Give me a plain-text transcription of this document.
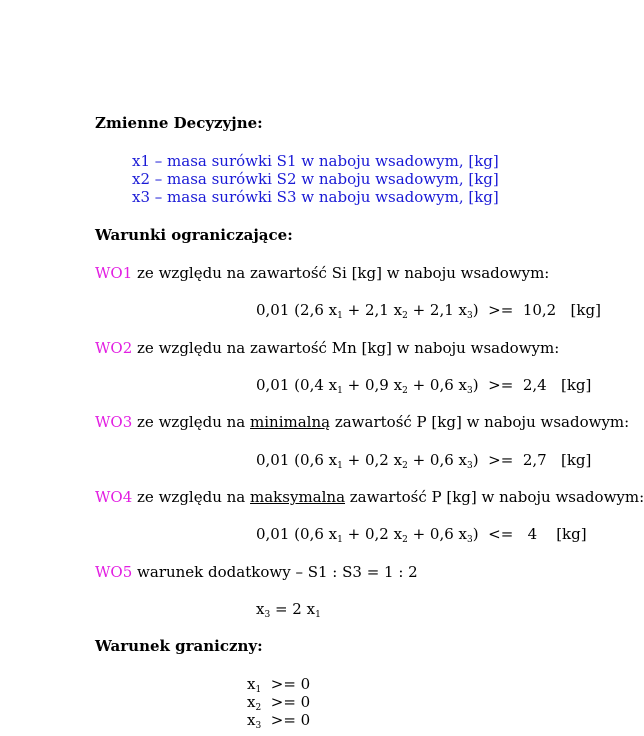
Zmienne Decyzyjne:
x1 – masa surówki S1 w naboju wsadowym, [kg]
x2 – masa surówki S2 w naboju wsadowym, [kg]
x3 – masa surówki S3 w naboju wsadowym, [kg]
Warunki ograniczające:
WO1 ze względu na zawartość Si [kg] w naboju wsadowym:
0,01 (2,6 $x_1 + 2,1$ $x_2 + 2,1$ $x_3) >= 10,2$ [kg]
WO2 ze względu na zawartość Mn [kg] w naboju wsadowym:
0,01 (0,4 $x_1 + 0,9$ $x_2 + 0,6$ $x_3) >= 2,4$ [kg]
WO3 ze względu na minimalną zawartość P [kg] w naboju wsadowym:
0,01 (0,6 $x_1 + 0,2$ $x_2 + 0,6$ $x_3) >= 2,7$ [kg]
WO4 ze względu na maksymalna zawartość P [kg] w naboju wsadowym:
0,01 (0,6 $x_1 + 0,2$ $x_2 + 0,6$ $x_3) <= 4$ [kg]
WO5 warunek dodatkowy – S1 : S3 = 1 : 2
$x_3 = 2$ $x_1$
Warunek graniczny:
$x_1 >= 0$
$x_2 >= 0$
$x_3 >= 0$
